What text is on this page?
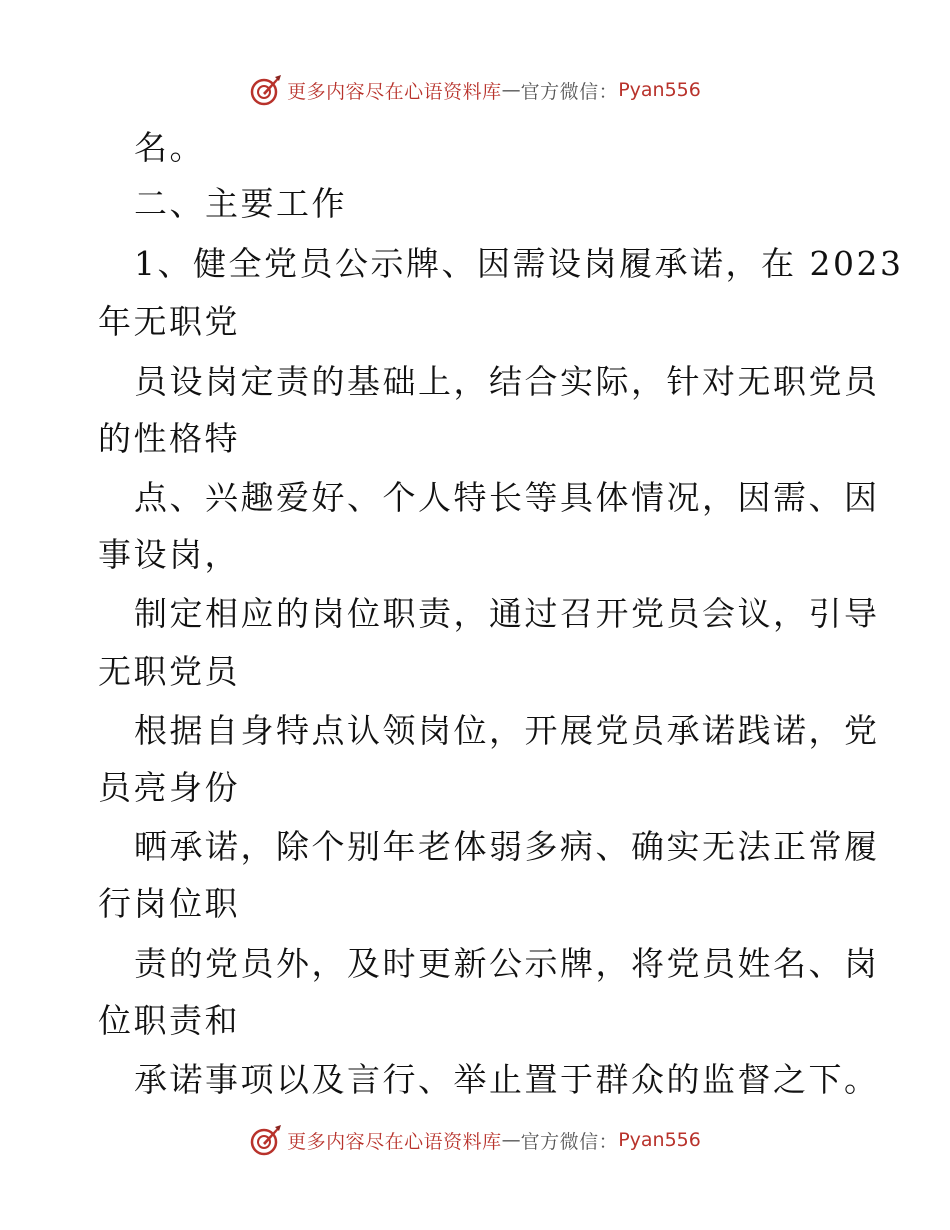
更多内容尽在心语资料库 — 官方微信： Pyan556
名。
二、主要工作
1、健全党员公示牌、因需设岗履承诺，在 2023
年无职党
员设岗定责的基础上，结合实际，针对无职党员
的性格特
点、兴趣爱好、个人特长等具体情况，因需、因
事设岗，
制定相应的岗位职责，通过召开党员会议，引导
无职党员
根据自身特点认领岗位，开展党员承诺践诺，党
员亮身份
晒承诺，除个别年老体弱多病、确实无法正常履
行岗位职
责的党员外，及时更新公示牌，将党员姓名、岗
位职责和
承诺事项以及言行、举止置于群众的监督之下。
更多内容尽在心语资料库 — 官方微信： Pyan556
